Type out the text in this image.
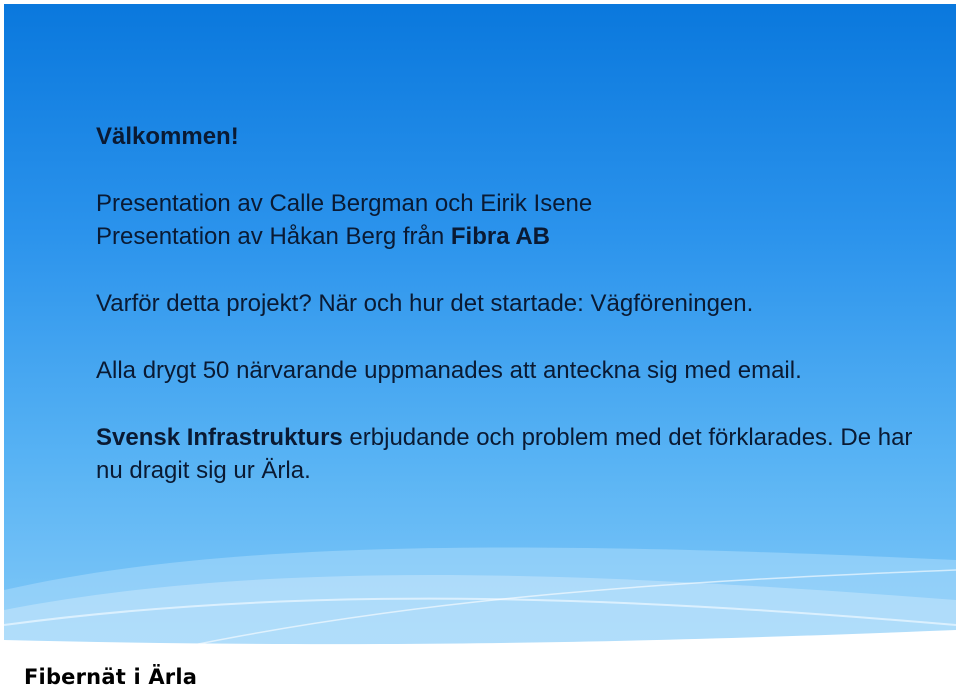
Välkommen!

Presentation av Calle Bergman och Eirik Isene

Presentation av Håkan Berg från Fibra AB

Varför detta projekt? När och hur det startade: Vägföreningen.

Alla drygt 50 närvarande uppmanades att anteckna sig med email.

Svensk Infrastrukturs erbjudande och problem med det förklarades. De har nu dragit sig ur Ärla.

Fibernät i Ärla
